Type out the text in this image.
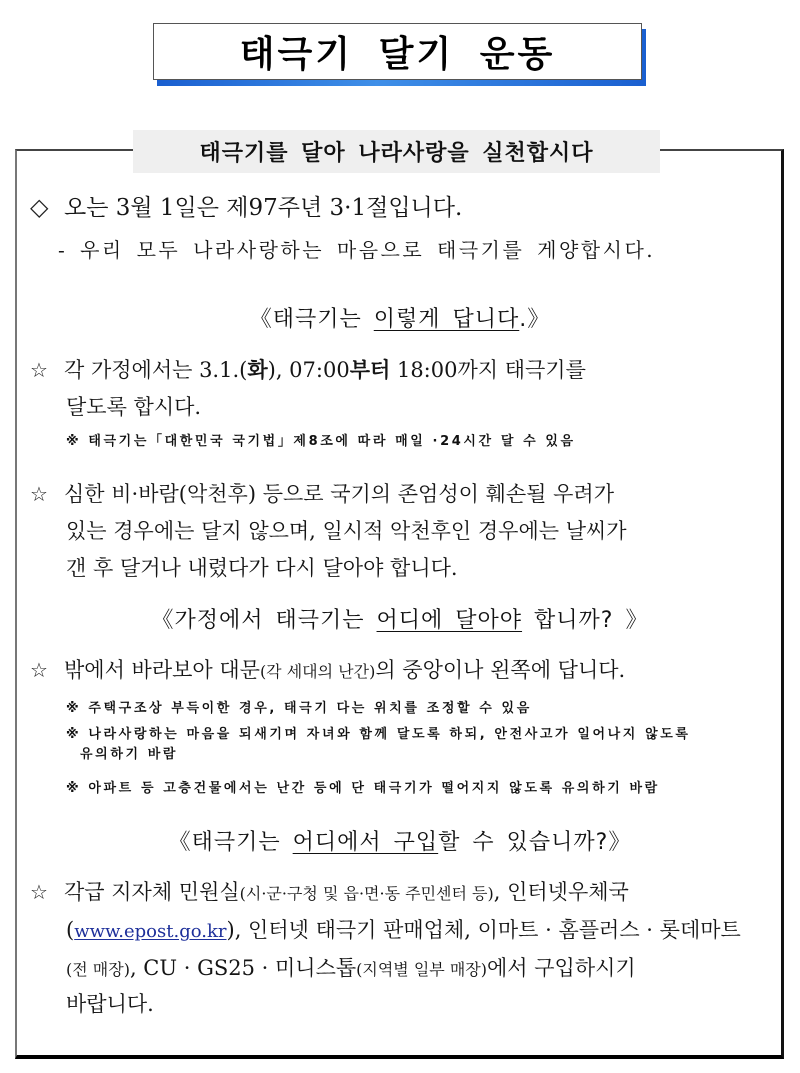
태극기 달기 운동
태극기를 달아 나라사랑을 실천합시다
◇ 오는 3월 1일은 제97주년 3·1절입니다.
- 우리 모두 나라사랑하는 마음으로 태극기를 게양합시다.
《태극기는 이렇게 답니다.》
☆ 각 가정에서는 3.1.(화), 07:00부터 18:00까지 태극기를
달도록 합시다.
※ 태극기는「대한민국 국기법」제8조에 따라 매일 ·24시간 달 수 있음
☆ 심한 비·바람(악천후) 등으로 국기의 존엄성이 훼손될 우려가
있는 경우에는 달지 않으며, 일시적 악천후인 경우에는 날씨가
갠 후 달거나 내렸다가 다시 달아야 합니다.
《가정에서 태극기는 어디에 달아야 합니까? 》
☆ 밖에서 바라보아 대문(각 세대의 난간)의 중앙이나 왼쪽에 답니다.
※ 주택구조상 부득이한 경우, 태극기 다는 위치를 조정할 수 있음
※ 나라사랑하는 마음을 되새기며 자녀와 함께 달도록 하되, 안전사고가 일어나지 않도록
유의하기 바람
※ 아파트 등 고층건물에서는 난간 등에 단 태극기가 떨어지지 않도록 유의하기 바람
《태극기는 어디에서 구입할 수 있습니까?》
☆ 각급 지자체 민원실(시·군·구청 및 읍·면·동 주민센터 등), 인터넷우체국
(www.epost.go.kr), 인터넷 태극기 판매업체, 이마트 · 홈플러스 · 롯데마트
(전 매장), CU · GS25 · 미니스톱(지역별 일부 매장)에서 구입하시기
바랍니다.
